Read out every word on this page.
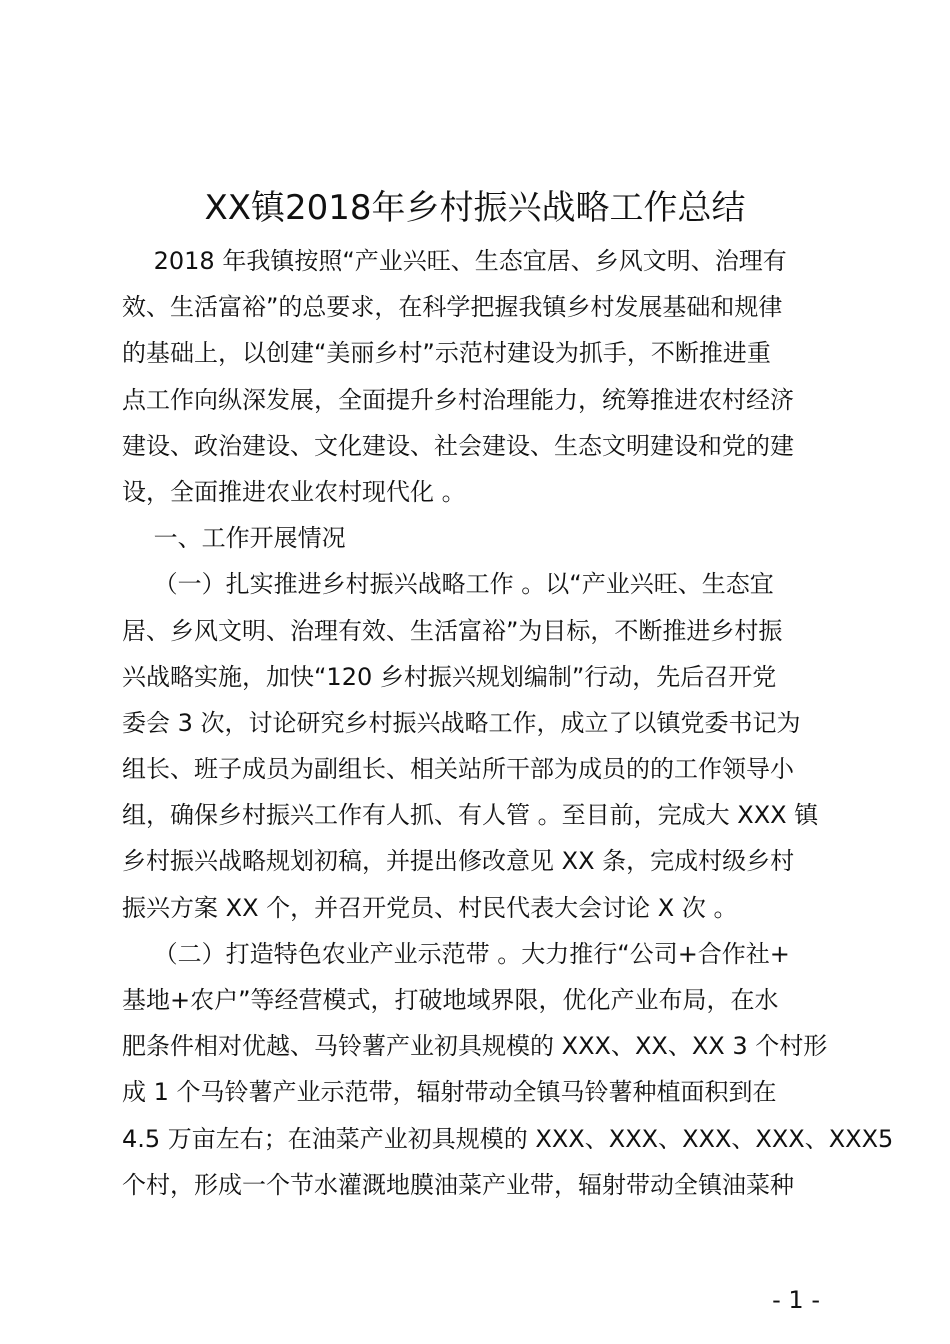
XX镇2018年乡村振兴战略工作总结
　 2018 年我镇按照“产业兴旺、生态宜居、乡风文明、治理有
效、生活富裕”的总要求，在科学把握我镇乡村发展基础和规律
的基础上，以创建“美丽乡村”示范村建设为抓手，不断推进重
点工作向纵深发展，全面提升乡村治理能力，统筹推进农村经济
建设、政治建设、文化建设、社会建设、生态文明建设和党的建
设，全面推进农业农村现代化 。
　 一、工作开展情况
　 （一）扎实推进乡村振兴战略工作 。以“产业兴旺、生态宜
居、乡风文明、治理有效、生活富裕”为目标，不断推进乡村振
兴战略实施，加快“120 乡村振兴规划编制”行动，先后召开党
委会 3 次，讨论研究乡村振兴战略工作，成立了以镇党委书记为
组长、班子成员为副组长、相关站所干部为成员的的工作领导小
组，确保乡村振兴工作有人抓、有人管 。至目前，完成大 XXX 镇
乡村振兴战略规划初稿，并提出修改意见 XX 条，完成村级乡村
振兴方案 XX 个，并召开党员、村民代表大会讨论 X 次 。
　 （二）打造特色农业产业示范带 。大力推行“公司+合作社+
基地+农户”等经营模式，打破地域界限，优化产业布局，在水
肥条件相对优越、马铃薯产业初具规模的 XXX、XX、XX 3 个村形
成 1 个马铃薯产业示范带，辐射带动全镇马铃薯种植面积到在
4.5 万亩左右；在油菜产业初具规模的 XXX、XXX、XXX、XXX、XXX5
个村，形成一个节水灌溉地膜油菜产业带，辐射带动全镇油菜种
- 1 -
